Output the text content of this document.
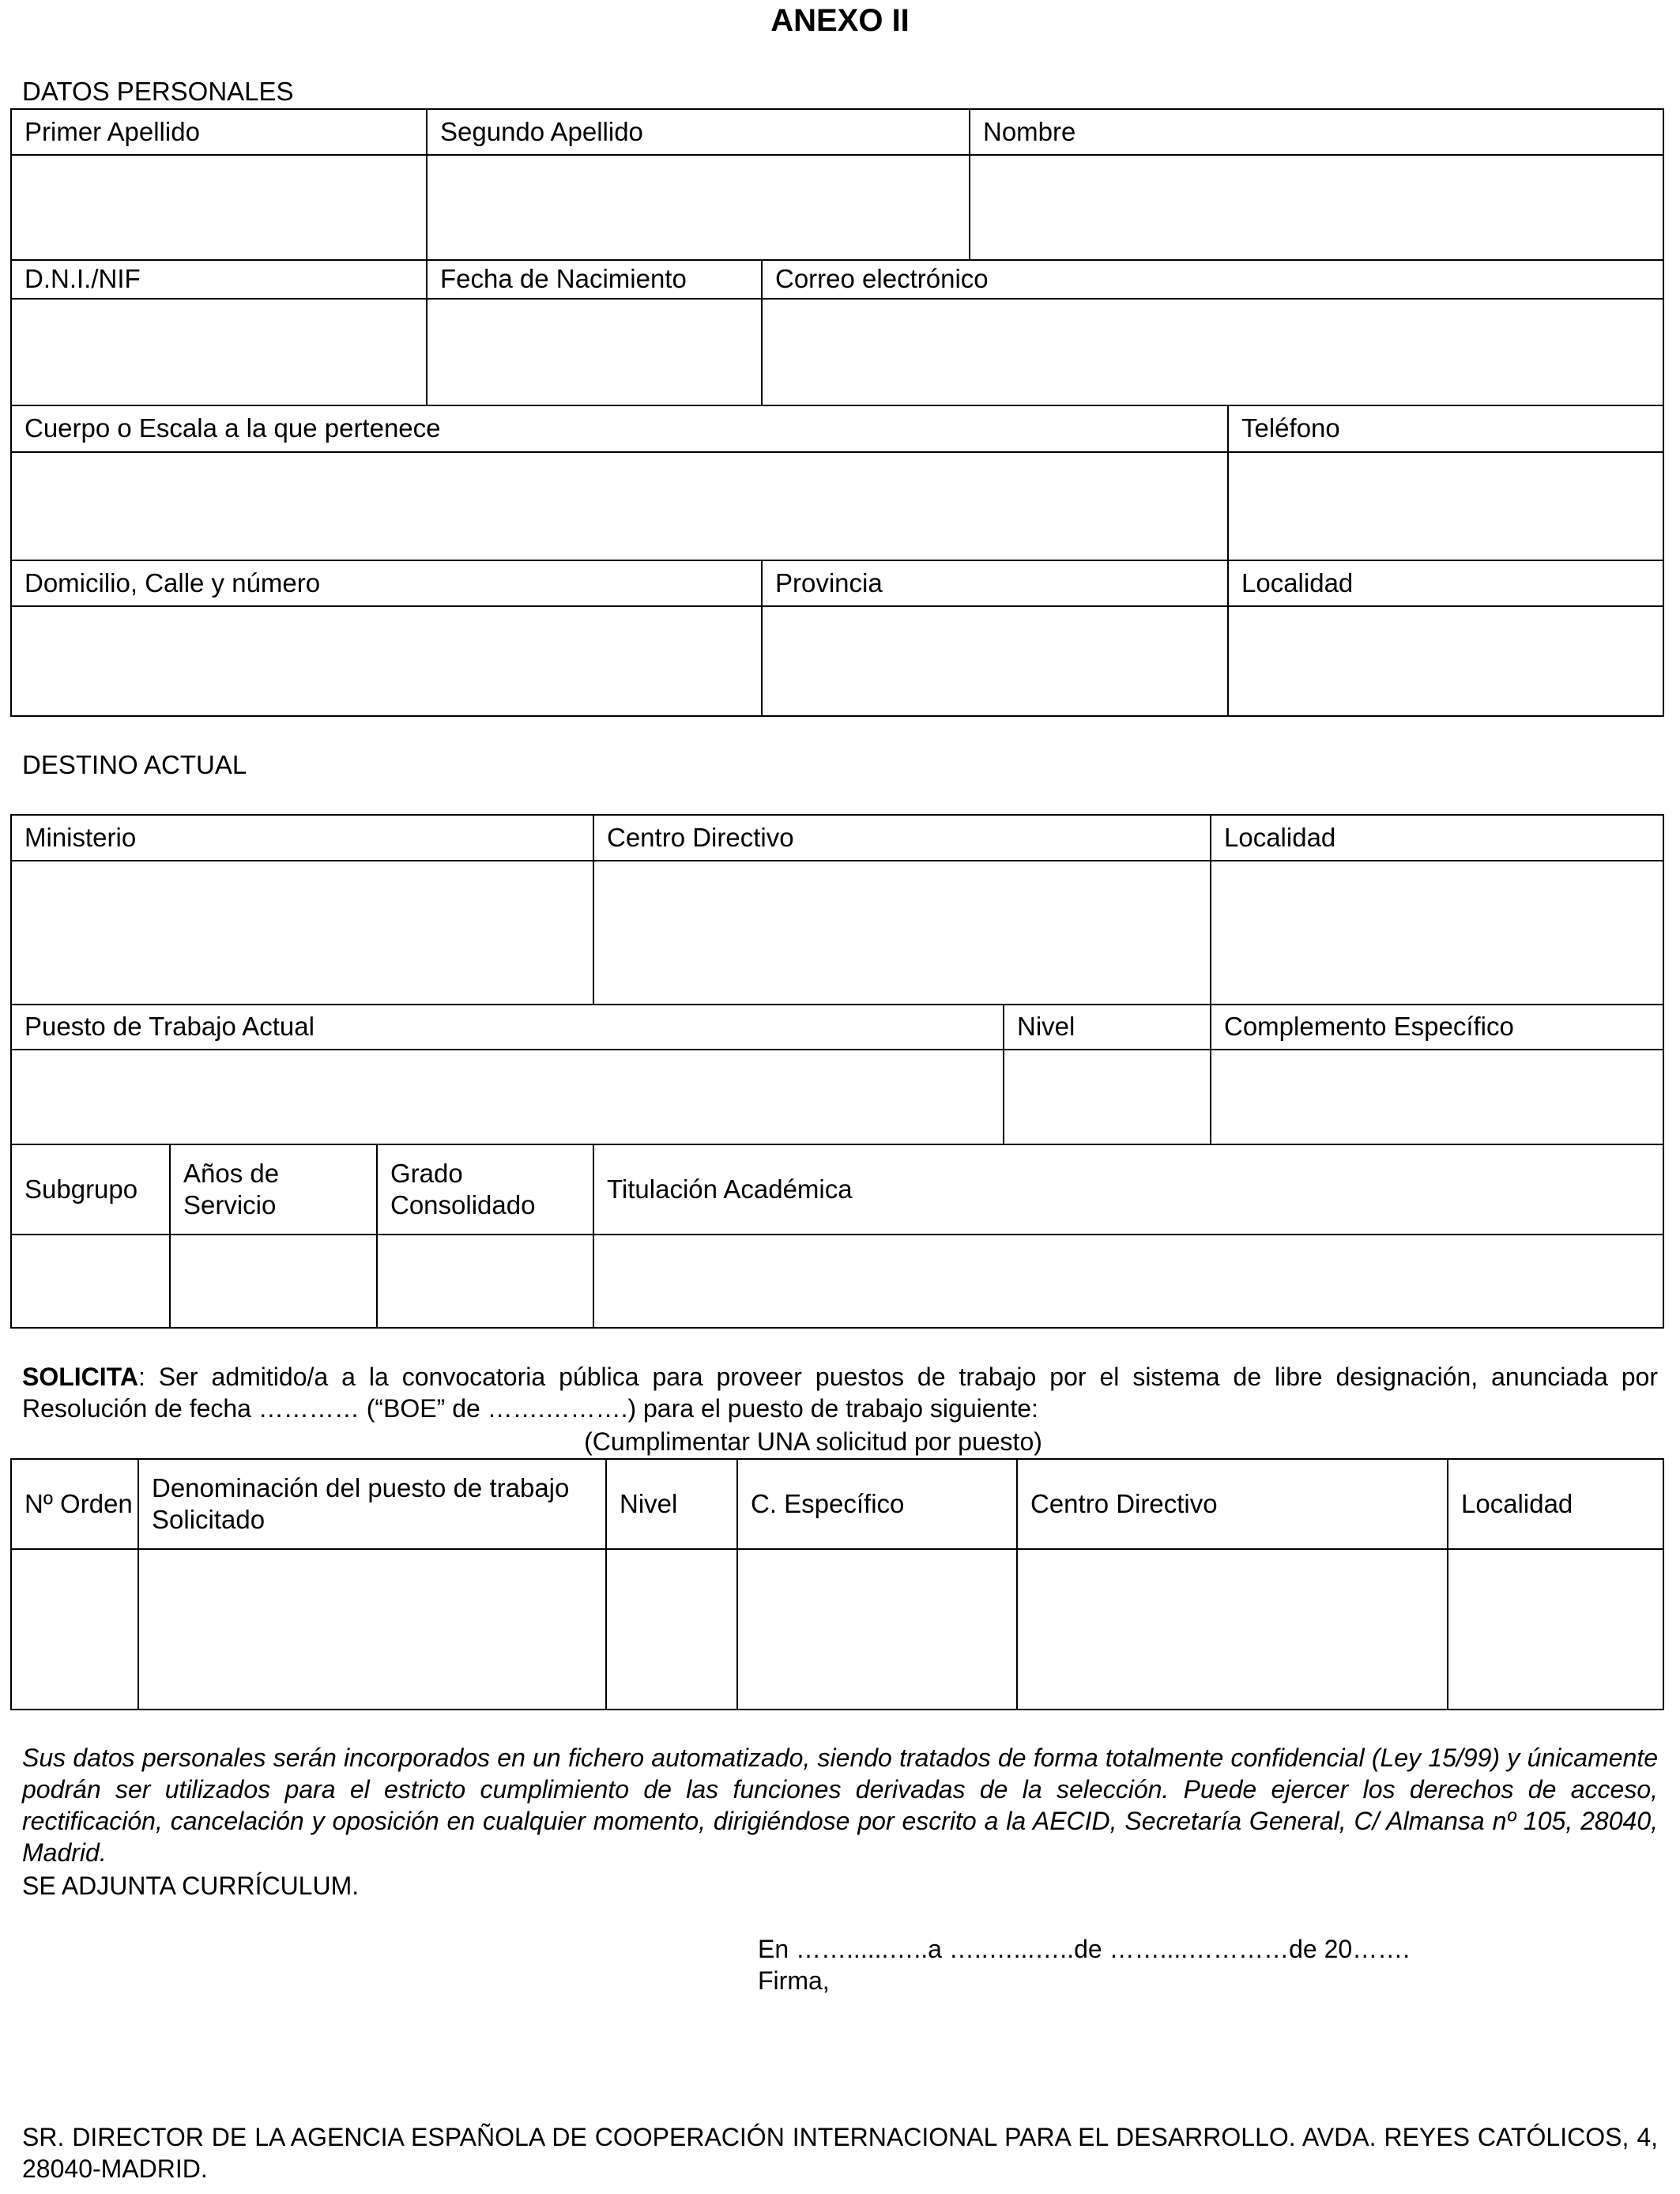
ANEXO II
DATOS PERSONALES
Primer Apellido	Segundo Apellido	Nombre

D.N.I./NIF	Fecha de Nacimiento	Correo electrónico

Cuerpo o Escala a la que pertenece	Teléfono

Domicilio, Calle y número	Provincia	Localidad

DESTINO ACTUAL
Ministerio	Centro Directivo	Localidad

Puesto de Trabajo Actual	Nivel	Complemento Específico

Subgrupo	Años de Servicio	Grado Consolidado	Titulación Académica

SOLICITA: Ser admitido/a a la convocatoria pública para proveer puestos de trabajo por el sistema de libre designación, anunciada por Resolución de fecha ………… (“BOE” de …….……….) para el puesto de trabajo siguiente:
(Cumplimentar UNA solicitud por puesto)
Nº Orden	Denominación del puesto de trabajo Solicitado	Nivel	C. Específico	Centro Directivo	Localidad

Sus datos personales serán incorporados en un fichero automatizado, siendo tratados de forma totalmente confidencial (Ley 15/99) y únicamente podrán ser utilizados para el estricto cumplimiento de las funciones derivadas de la selección. Puede ejercer los derechos de acceso, rectificación, cancelación y oposición en cualquier momento, dirigiéndose por escrito a la AECID, Secretaría General, C/ Almansa nº 105, 28040, Madrid.
SE ADJUNTA CURRÍCULUM.
En ……......…..a …..…...…..de ……....…………de 20…….
Firma,
SR. DIRECTOR DE LA AGENCIA ESPAÑOLA DE COOPERACIÓN INTERNACIONAL PARA EL DESARROLLO. AVDA. REYES CATÓLICOS, 4, 28040-MADRID.
